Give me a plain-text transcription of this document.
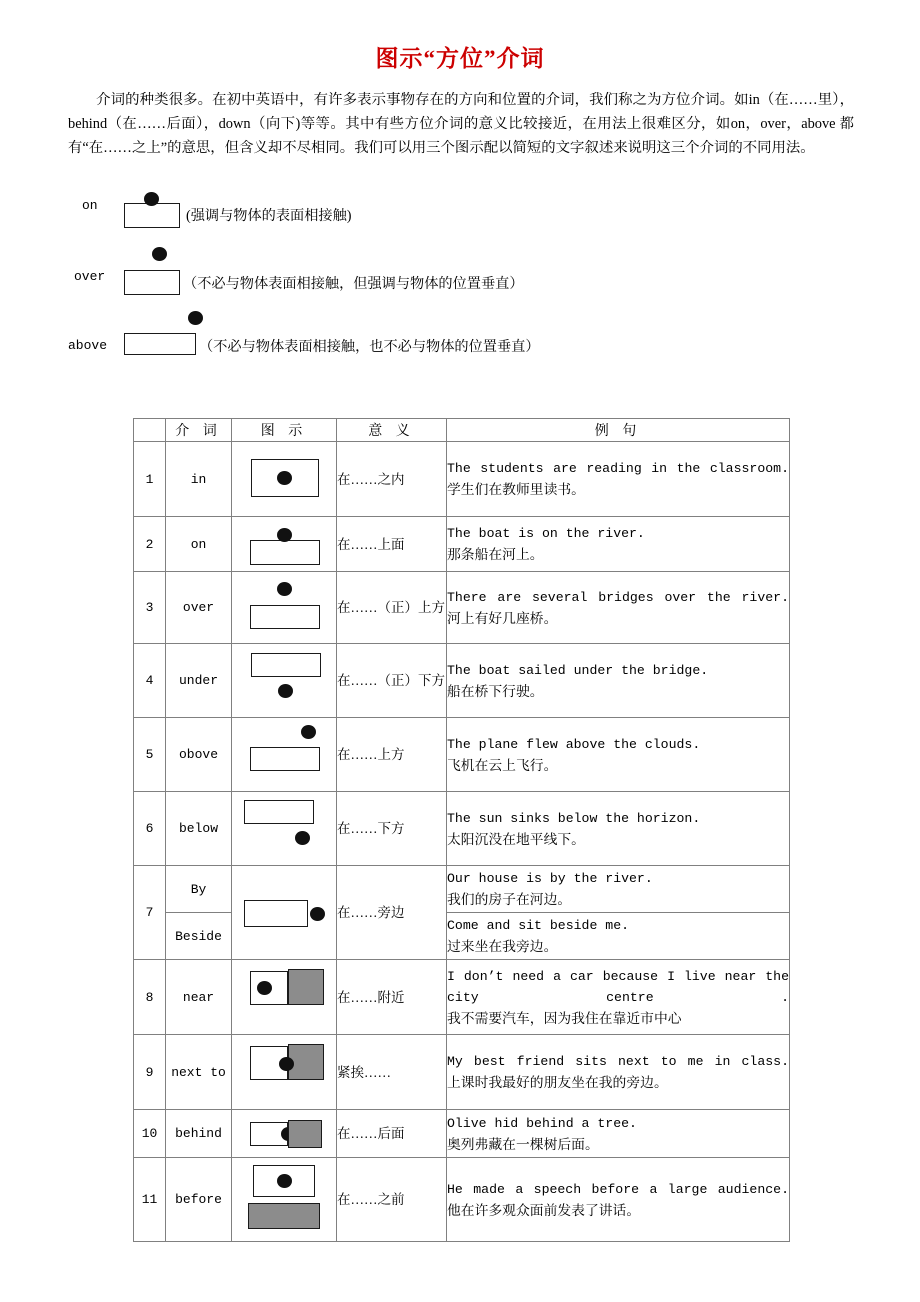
图示“方位”介词
介词的种类很多。在初中英语中，有许多表示事物存在的方向和位置的介词，我们称之为方位介词。如in（在……里），behind（在……后面），down（向下)等等。其中有些方位介词的意义比较接近，在用法上很难区分，如on，over，above 都有“在……之上”的意思，但含义却不尽相同。我们可以用三个图示配以简短的文字叙述来说明这三个介词的不同用法。
on
(强调与物体的表面相接触)
over	（不必与物体表面相接触，但强调与物体的位置垂直）
above	（不必与物体表面相接触，也不必与物体的位置垂直）
	介 词	图 示	意 义	例 句
1	in		在……之内	The students are reading in the classroom.
学生们在教师里读书。

2	on		在……上面	The boat is on the river.
那条船在河上。

3	over		在……（正）上方	There are several bridges over the river.
河上有好几座桥。

4	under		在……（正）下方	The boat sailed under the bridge.
船在桥下行驶。

5	obove		在……上方	The plane flew above the clouds.
飞机在云上飞行。

6	below		在……下方	The sun sinks below the horizon.
太阳沉没在地平线下。

7	By		在……旁边	Our house is by the river.
我们的房子在河边。

	Beside			Come and sit beside me.
过来坐在我旁边。

8	near		在……附近	I don’t need a car because I live near the city centre .
我不需要汽车，因为我住在靠近市中心

9	next to		紧挨……	My best friend sits next to me in class.
上课时我最好的朋友坐在我的旁边。

10	behind		在……后面	Olive hid behind a tree.
奥列弗藏在一棵树后面。

11	before		在……之前	He made a speech before a large audience.
他在许多观众面前发表了讲话。
